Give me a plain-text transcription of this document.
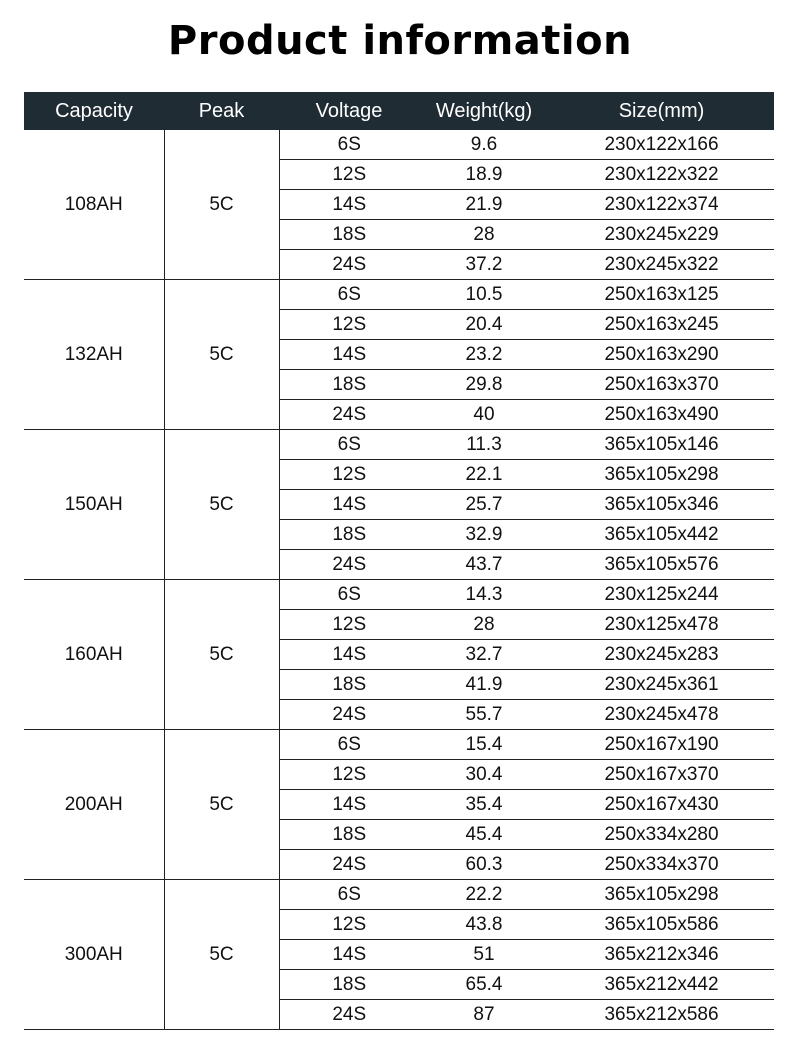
Product information
Capacity	Peak	Voltage	Weight(kg)	Size(mm)
108AH	5C	6S	9.6	230x122x166
		12S	18.9	230x122x322
		14S	21.9	230x122x374
		18S	28	230x245x229
		24S	37.2	230x245x322
132AH	5C	6S	10.5	250x163x125
		12S	20.4	250x163x245
		14S	23.2	250x163x290
		18S	29.8	250x163x370
		24S	40	250x163x490
150AH	5C	6S	11.3	365x105x146
		12S	22.1	365x105x298
		14S	25.7	365x105x346
		18S	32.9	365x105x442
		24S	43.7	365x105x576
160AH	5C	6S	14.3	230x125x244
		12S	28	230x125x478
		14S	32.7	230x245x283
		18S	41.9	230x245x361
		24S	55.7	230x245x478
200AH	5C	6S	15.4	250x167x190
		12S	30.4	250x167x370
		14S	35.4	250x167x430
		18S	45.4	250x334x280
		24S	60.3	250x334x370
300AH	5C	6S	22.2	365x105x298
		12S	43.8	365x105x586
		14S	51	365x212x346
		18S	65.4	365x212x442
		24S	87	365x212x586
